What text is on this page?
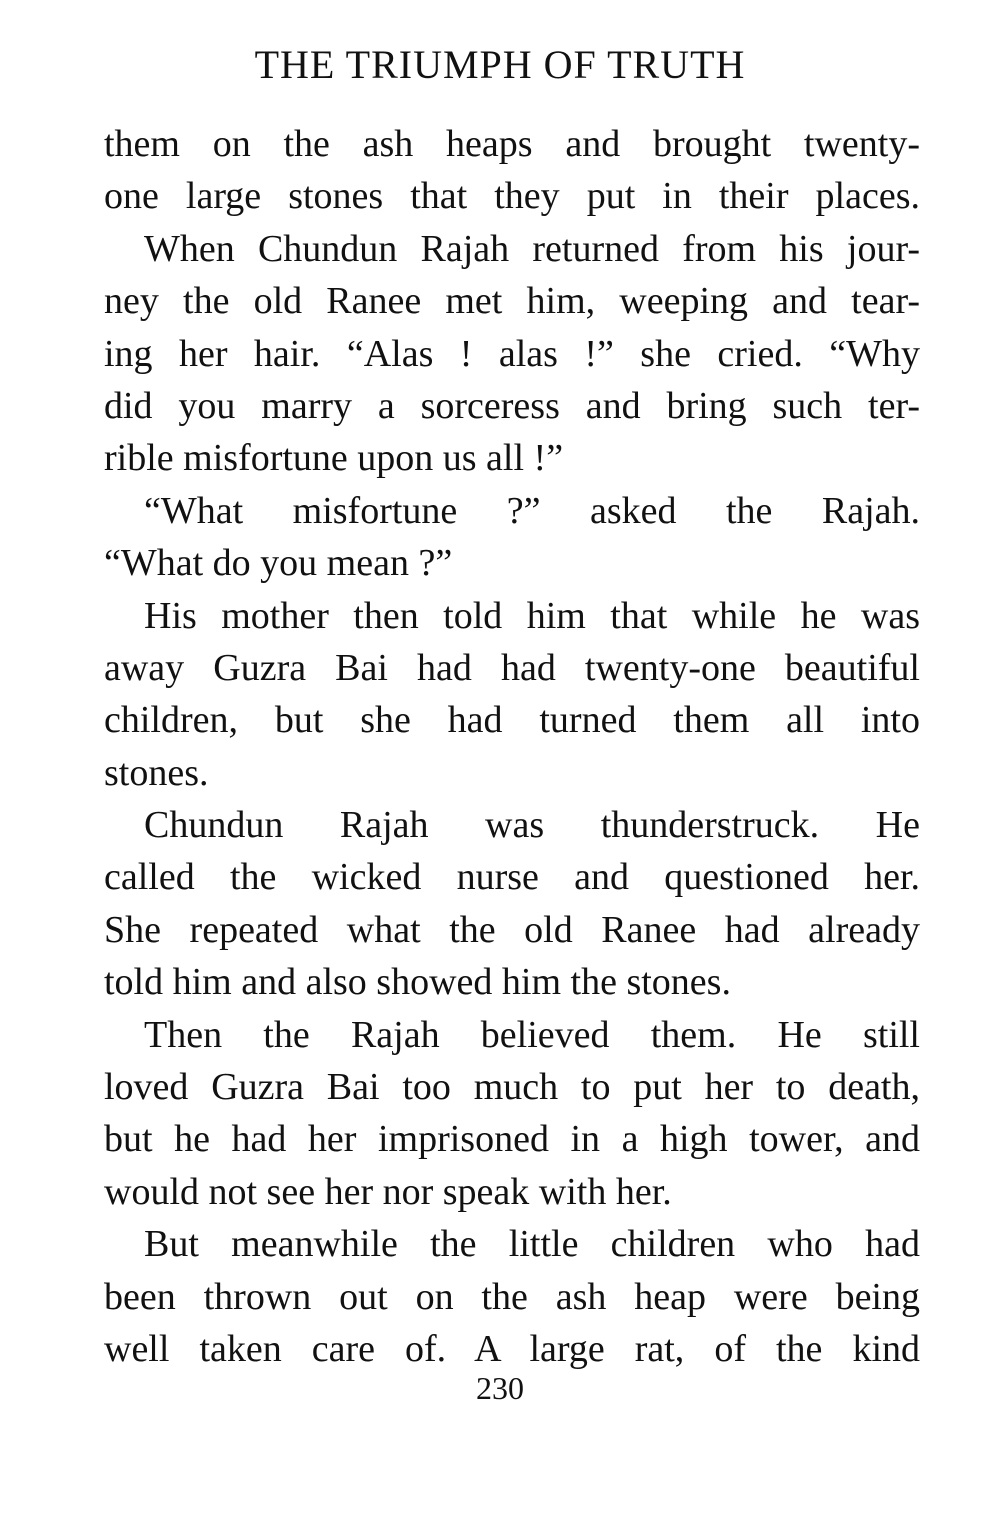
THE TRIUMPH OF TRUTH
them on the ash heaps and brought twenty-
one large stones that they put in their places.
When Chundun Rajah returned from his jour-
ney the old Ranee met him, weeping and tear-
ing her hair. “Alas ! alas !” she cried. “Why
did you marry a sorceress and bring such ter-
rible misfortune upon us all !”
“What misfortune ?” asked the Rajah.
“What do you mean ?”
His mother then told him that while he was
away Guzra Bai had had twenty-one beautiful
children, but she had turned them all into
stones.
Chundun Rajah was thunderstruck. He
called the wicked nurse and questioned her.
She repeated what the old Ranee had already
told him and also showed him the stones.
Then the Rajah believed them. He still
loved Guzra Bai too much to put her to death,
but he had her imprisoned in a high tower, and
would not see her nor speak with her.
But meanwhile the little children who had
been thrown out on the ash heap were being
well taken care of. A large rat, of the kind
230
